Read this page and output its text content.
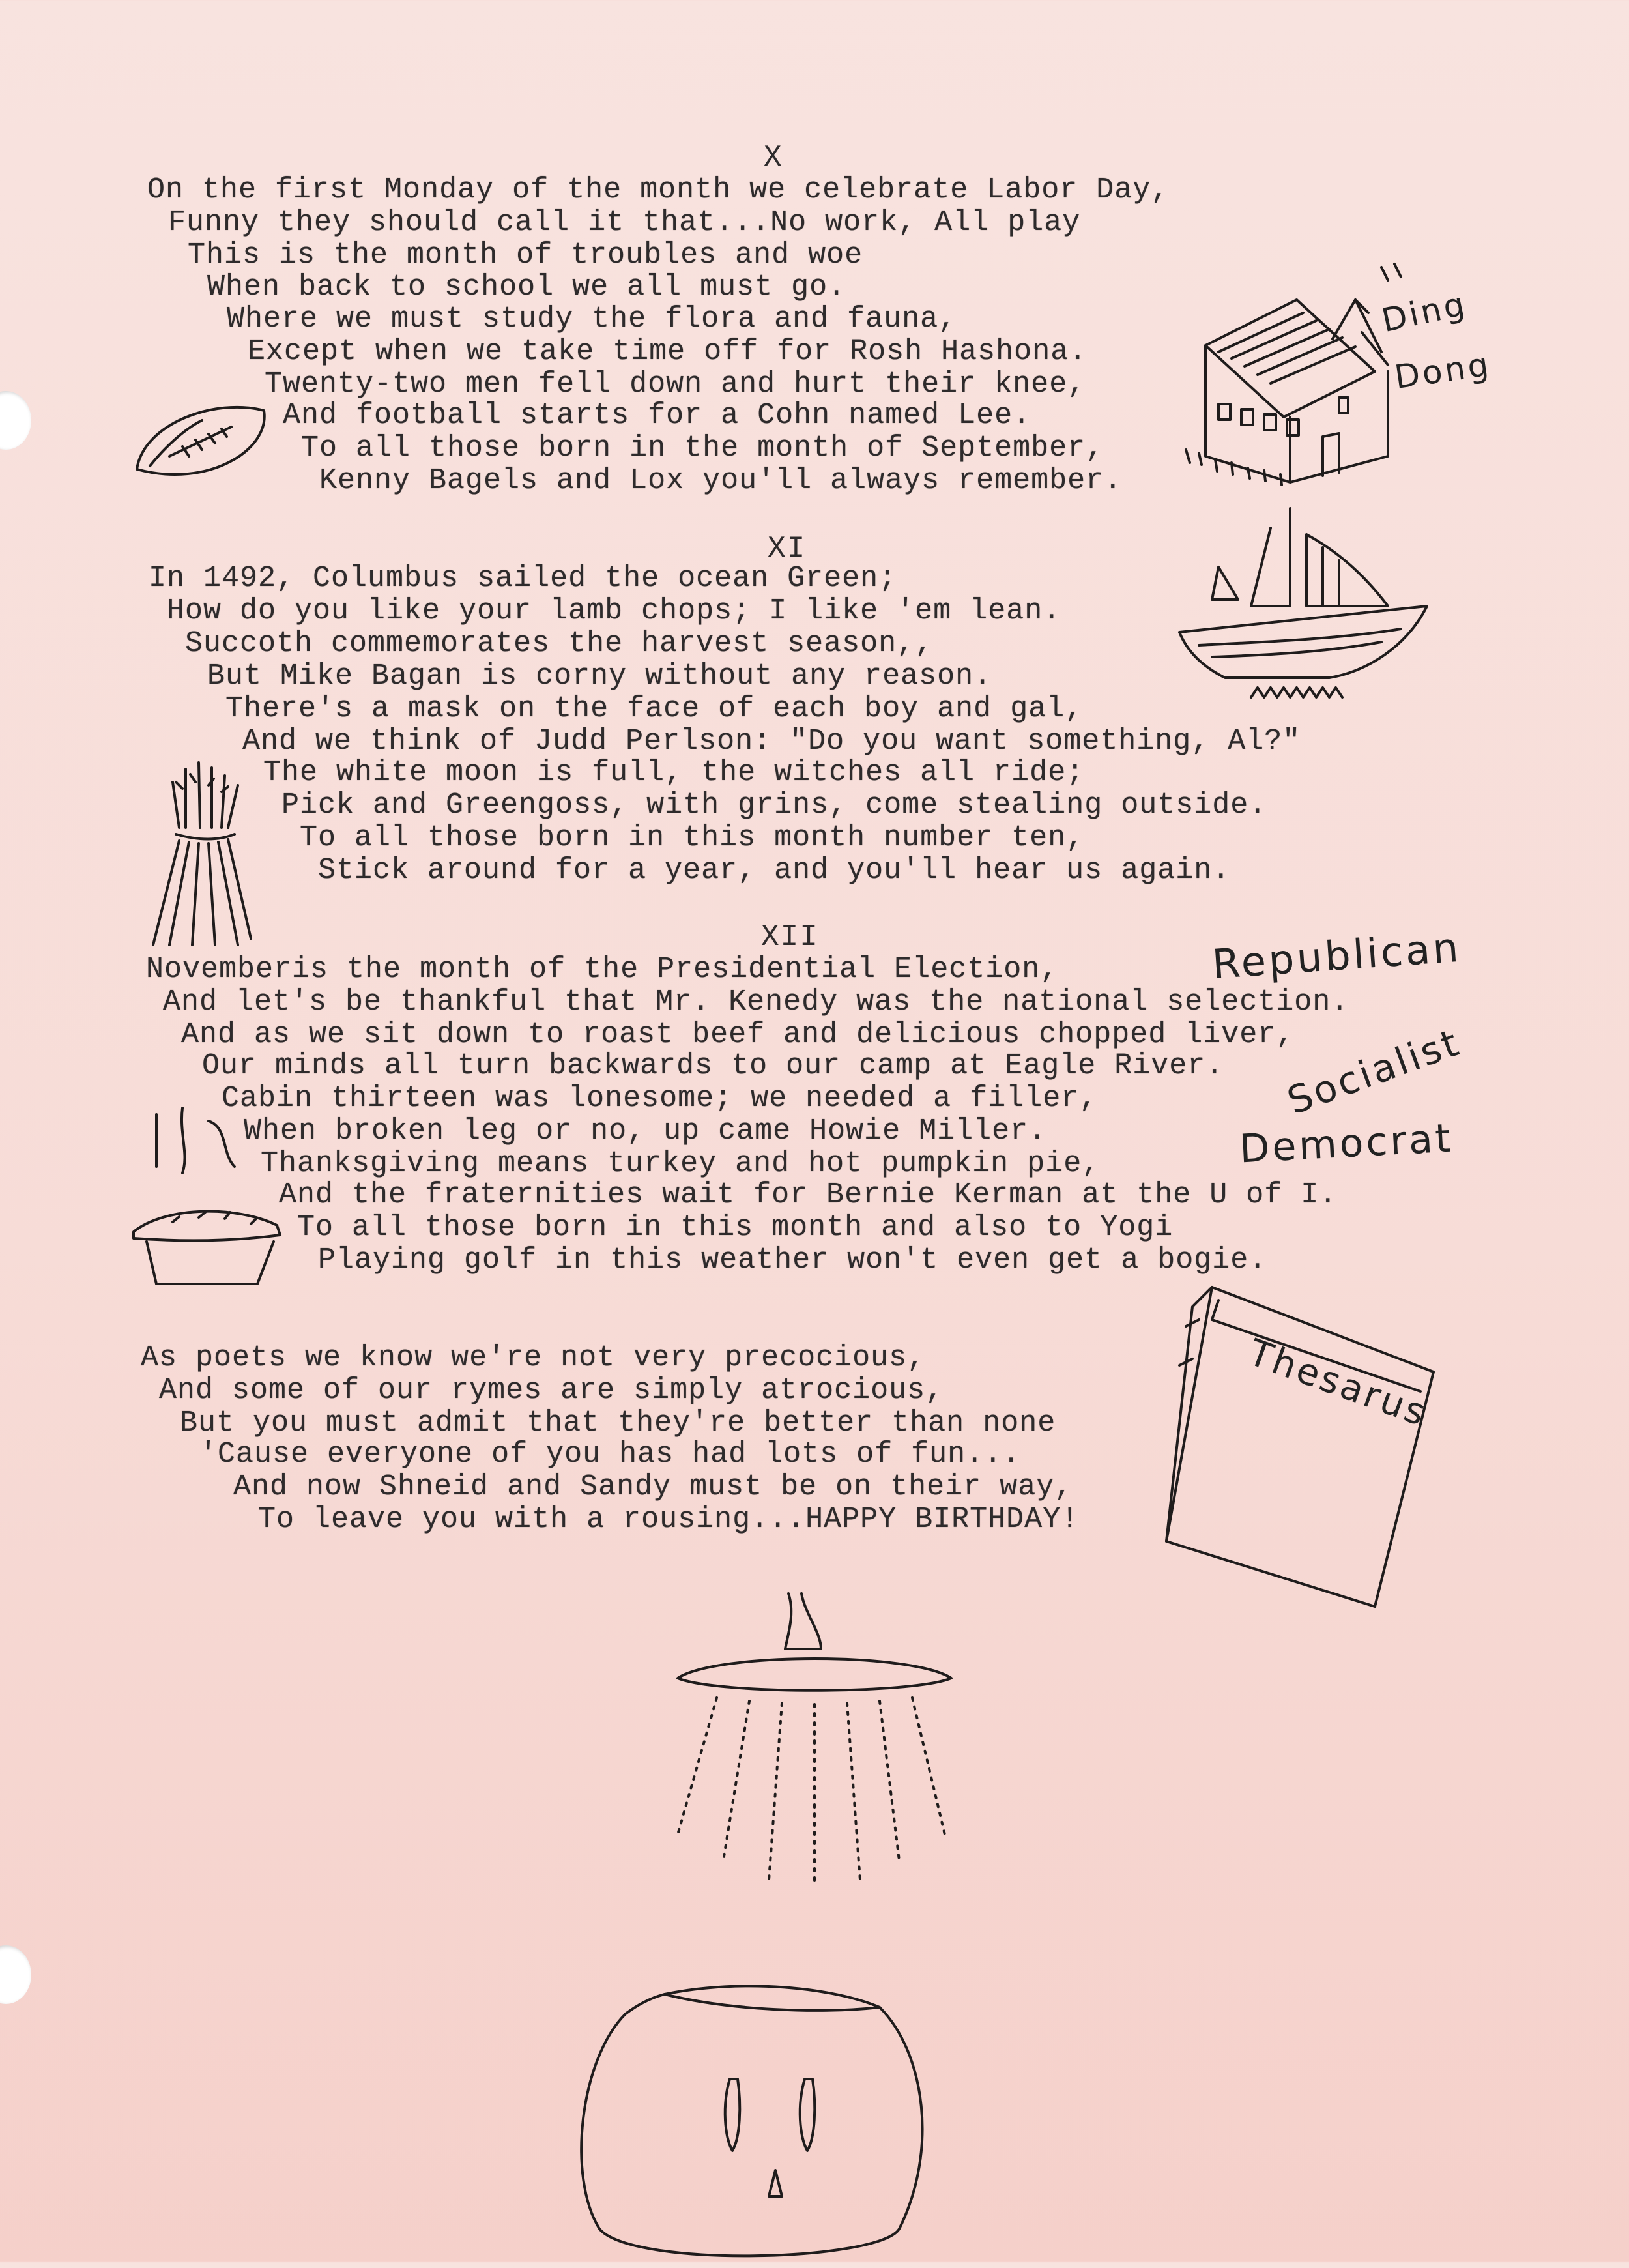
X
On the first Monday of the month we celebrate Labor Day,
Funny they should call it that...No work, All play
This is the month of troubles and woe
When back to school we all must go.
Where we must study the flora and fauna,
Except when we take time off for Rosh Hashona.
Twenty-two men fell down and hurt their knee,
And football starts for a Cohn named Lee.
To all those born in the month of September,
Kenny Bagels and Lox you'll always remember.
XI
In 1492, Columbus sailed the ocean Green;
How do you like your lamb chops; I like 'em lean.
Succoth commemorates the harvest season,,
But Mike Bagan is corny without any reason.
There's a mask on the face of each boy and gal,
And we think of Judd Perlson: "Do you want something, Al?"
The white moon is full, the witches all ride;
Pick and Greengoss, with grins, come stealing outside.
To all those born in this month number ten,
Stick around for a year, and you'll hear us again.
XII
Novemberis the month of the Presidential Election,
And let's be thankful that Mr. Kenedy was the national selection.
And as we sit down to roast beef and delicious chopped liver,
Our minds all turn backwards to our camp at Eagle River.
Cabin thirteen was lonesome; we needed a filler,
When broken leg or no, up came Howie Miller.
Thanksgiving means turkey and hot pumpkin pie,
And the fraternities wait for Bernie Kerman at the U of I.
To all those born in this month and also to Yogi
Playing golf in this weather won't even get a bogie.
As poets we know we're not very precocious,
And some of our rymes are simply atrocious,
But you must admit that they're better than none
'Cause everyone of you has had lots of fun...
And now Shneid and Sandy must be on their way,
To leave you with a rousing...HAPPY BIRTHDAY!
Ding
Dong
Republican
Socialist
Democrat
Thesarus
